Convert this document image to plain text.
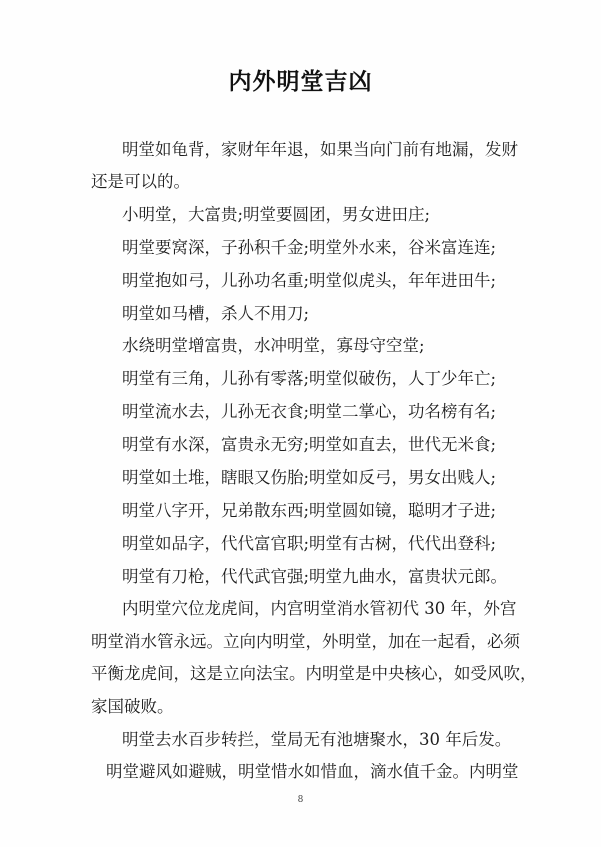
内外明堂吉凶
明堂如龟背，家财年年退，如果当向门前有地漏，发财
还是可以的。
小明堂，大富贵;明堂要圆团，男女进田庄;
明堂要窝深，子孙积千金;明堂外水来，谷米富连连;
明堂抱如弓，儿孙功名重;明堂似虎头，年年进田牛;
明堂如马槽，杀人不用刀;
水绕明堂增富贵，水冲明堂，寡母守空堂;
明堂有三角，儿孙有零落;明堂似破伤，人丁少年亡;
明堂流水去，儿孙无衣食;明堂二掌心，功名榜有名;
明堂有水深，富贵永无穷;明堂如直去，世代无米食;
明堂如土堆，瞎眼又伤胎;明堂如反弓，男女出贱人;
明堂八字开，兄弟散东西;明堂圆如镜，聪明才子进;
明堂如品字，代代富官职;明堂有古树，代代出登科;
明堂有刀枪，代代武官强;明堂九曲水，富贵状元郎。
内明堂穴位龙虎间，内宫明堂消水管初代 30 年，外宫
明堂消水管永远。立向内明堂，外明堂，加在一起看，必须
平衡龙虎间，这是立向法宝。内明堂是中央核心，如受风吹，
家国破败。
明堂去水百步转拦，堂局无有池塘聚水，30 年后发。
明堂避风如避贼，明堂惜水如惜血，滴水值千金。内明堂
8
